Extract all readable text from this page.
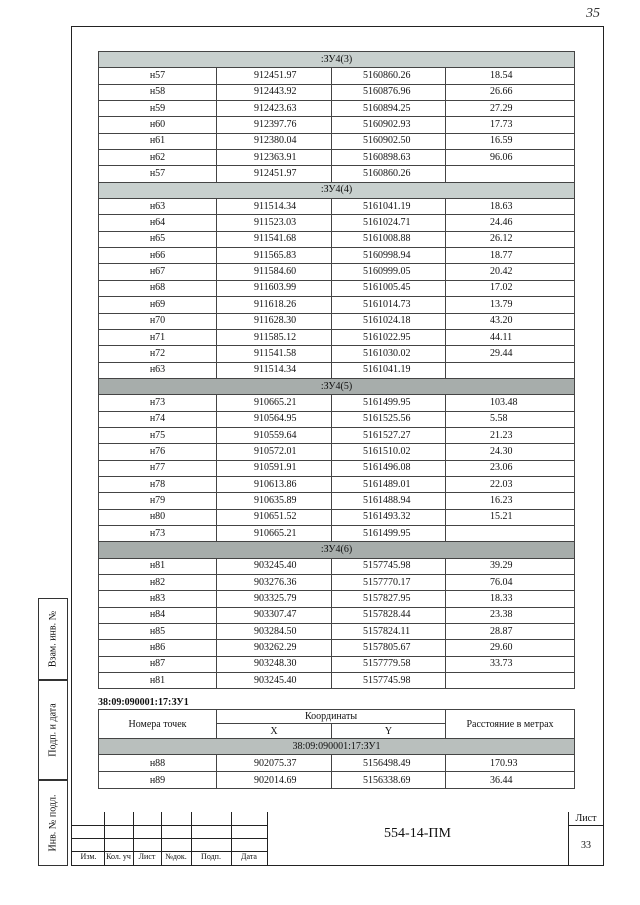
35
:ЗУ4(3)			
н57	912451.97	5160860.26	18.54
н58	912443.92	5160876.96	26.66
н59	912423.63	5160894.25	27.29
н60	912397.76	5160902.93	17.73
н61	912380.04	5160902.50	16.59
н62	912363.91	5160898.63	96.06
н57	912451.97	5160860.26	
:ЗУ4(4)			
н63	911514.34	5161041.19	18.63
н64	911523.03	5161024.71	24.46
н65	911541.68	5161008.88	26.12
н66	911565.83	5160998.94	18.77
н67	911584.60	5160999.05	20.42
н68	911603.99	5161005.45	17.02
н69	911618.26	5161014.73	13.79
н70	911628.30	5161024.18	43.20
н71	911585.12	5161022.95	44.11
н72	911541.58	5161030.02	29.44
н63	911514.34	5161041.19	
:ЗУ4(5)			
н73	910665.21	5161499.95	103.48
н74	910564.95	5161525.56	5.58
н75	910559.64	5161527.27	21.23
н76	910572.01	5161510.02	24.30
н77	910591.91	5161496.08	23.06
н78	910613.86	5161489.01	22.03
н79	910635.89	5161488.94	16.23
н80	910651.52	5161493.32	15.21
н73	910665.21	5161499.95	
:ЗУ4(6)			
н81	903245.40	5157745.98	39.29
н82	903276.36	5157770.17	76.04
н83	903325.79	5157827.95	18.33
н84	903307.47	5157828.44	23.38
н85	903284.50	5157824.11	28.87
н86	903262.29	5157805.67	29.60
н87	903248.30	5157779.58	33.73
н81	903245.40	5157745.98	
38:09:090001:17:ЗУ1
Номера точек	Координаты		Расстояние в метрах
	X	Y	
38:09:090001:17:ЗУ1			
н88	902075.37	5156498.49	170.93
н89	902014.69	5156338.69	36.44
Взам. инв. №
Подп. и дата
Инв. № подл.
Изм.	Кол. уч Лист	№док.	Подп.	Дата
554-14-ПМ
Лист
33
